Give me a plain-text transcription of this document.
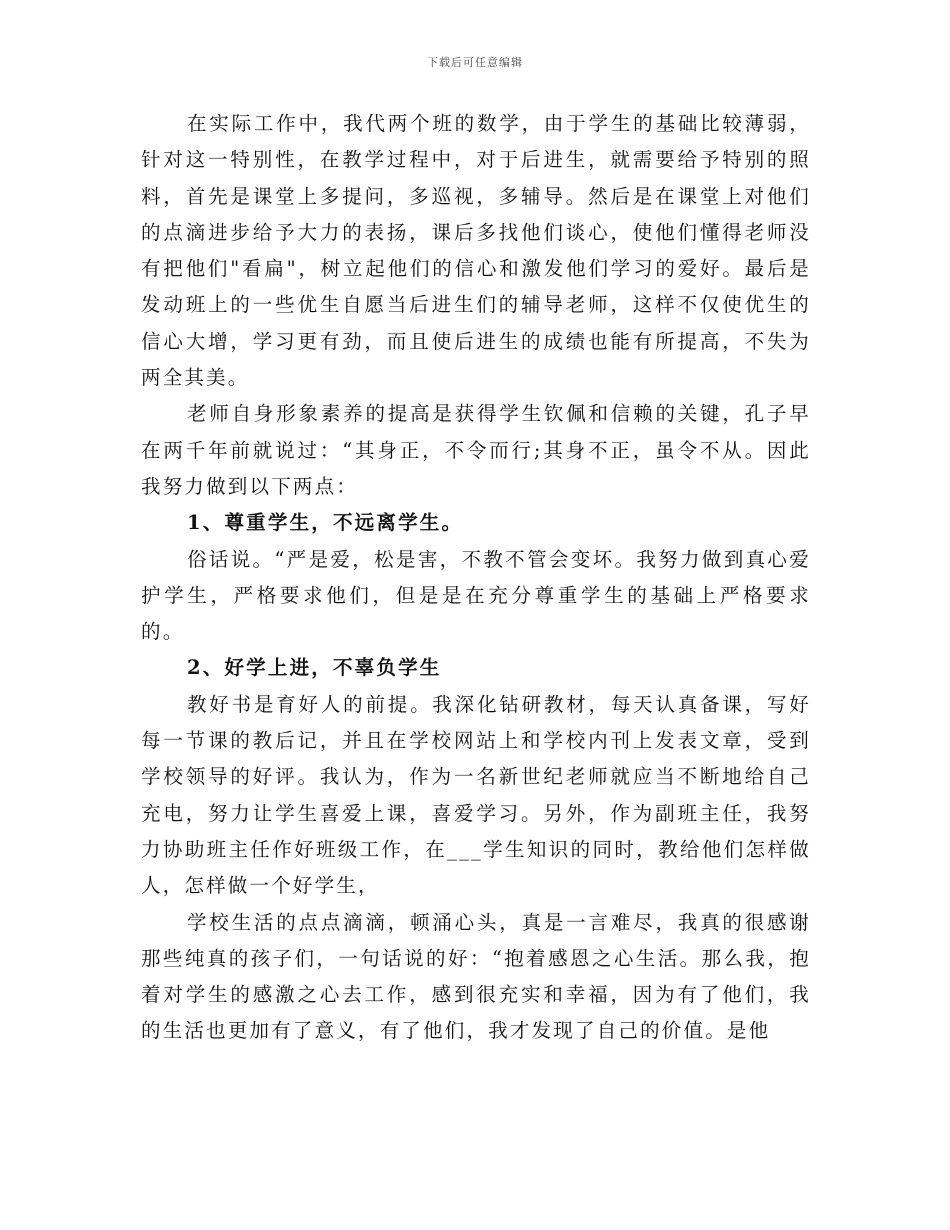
下载后可任意编辑

在实际工作中，我代两个班的数学，由于学生的基础比较薄弱，针对这一特别性，在教学过程中，对于后进生，就需要给予特别的照料，首先是课堂上多提问，多巡视，多辅导。然后是在课堂上对他们的点滴进步给予大力的表扬，课后多找他们谈心，使他们懂得老师没有把他们"看扁"，树立起他们的信心和激发他们学习的爱好。最后是发动班上的一些优生自愿当后进生们的辅导老师，这样不仅使优生的信心大增，学习更有劲，而且使后进生的成绩也能有所提高，不失为两全其美。

老师自身形象素养的提高是获得学生钦佩和信赖的关键，孔子早在两千年前就说过：“其身正，不令而行;其身不正，虽令不从。因此我努力做到以下两点：

1、尊重学生，不远离学生。

俗话说。“严是爱，松是害，不教不管会变坏。我努力做到真心爱护学生，严格要求他们，但是是在充分尊重学生的基础上严格要求的。

2、好学上进，不辜负学生

教好书是育好人的前提。我深化钻研教材，每天认真备课，写好每一节课的教后记，并且在学校网站上和学校内刊上发表文章，受到学校领导的好评。我认为，作为一名新世纪老师就应当不断地给自己充电，努力让学生喜爱上课，喜爱学习。另外，作为副班主任，我努力协助班主任作好班级工作，在___学生知识的同时，教给他们怎样做人，怎样做一个好学生，

学校生活的点点滴滴，顿涌心头，真是一言难尽，我真的很感谢那些纯真的孩子们，一句话说的好：“抱着感恩之心生活。那么我，抱着对学生的感激之心去工作，感到很充实和幸福，因为有了他们，我的生活也更加有了意义，有了他们，我才发现了自己的价值。是他
